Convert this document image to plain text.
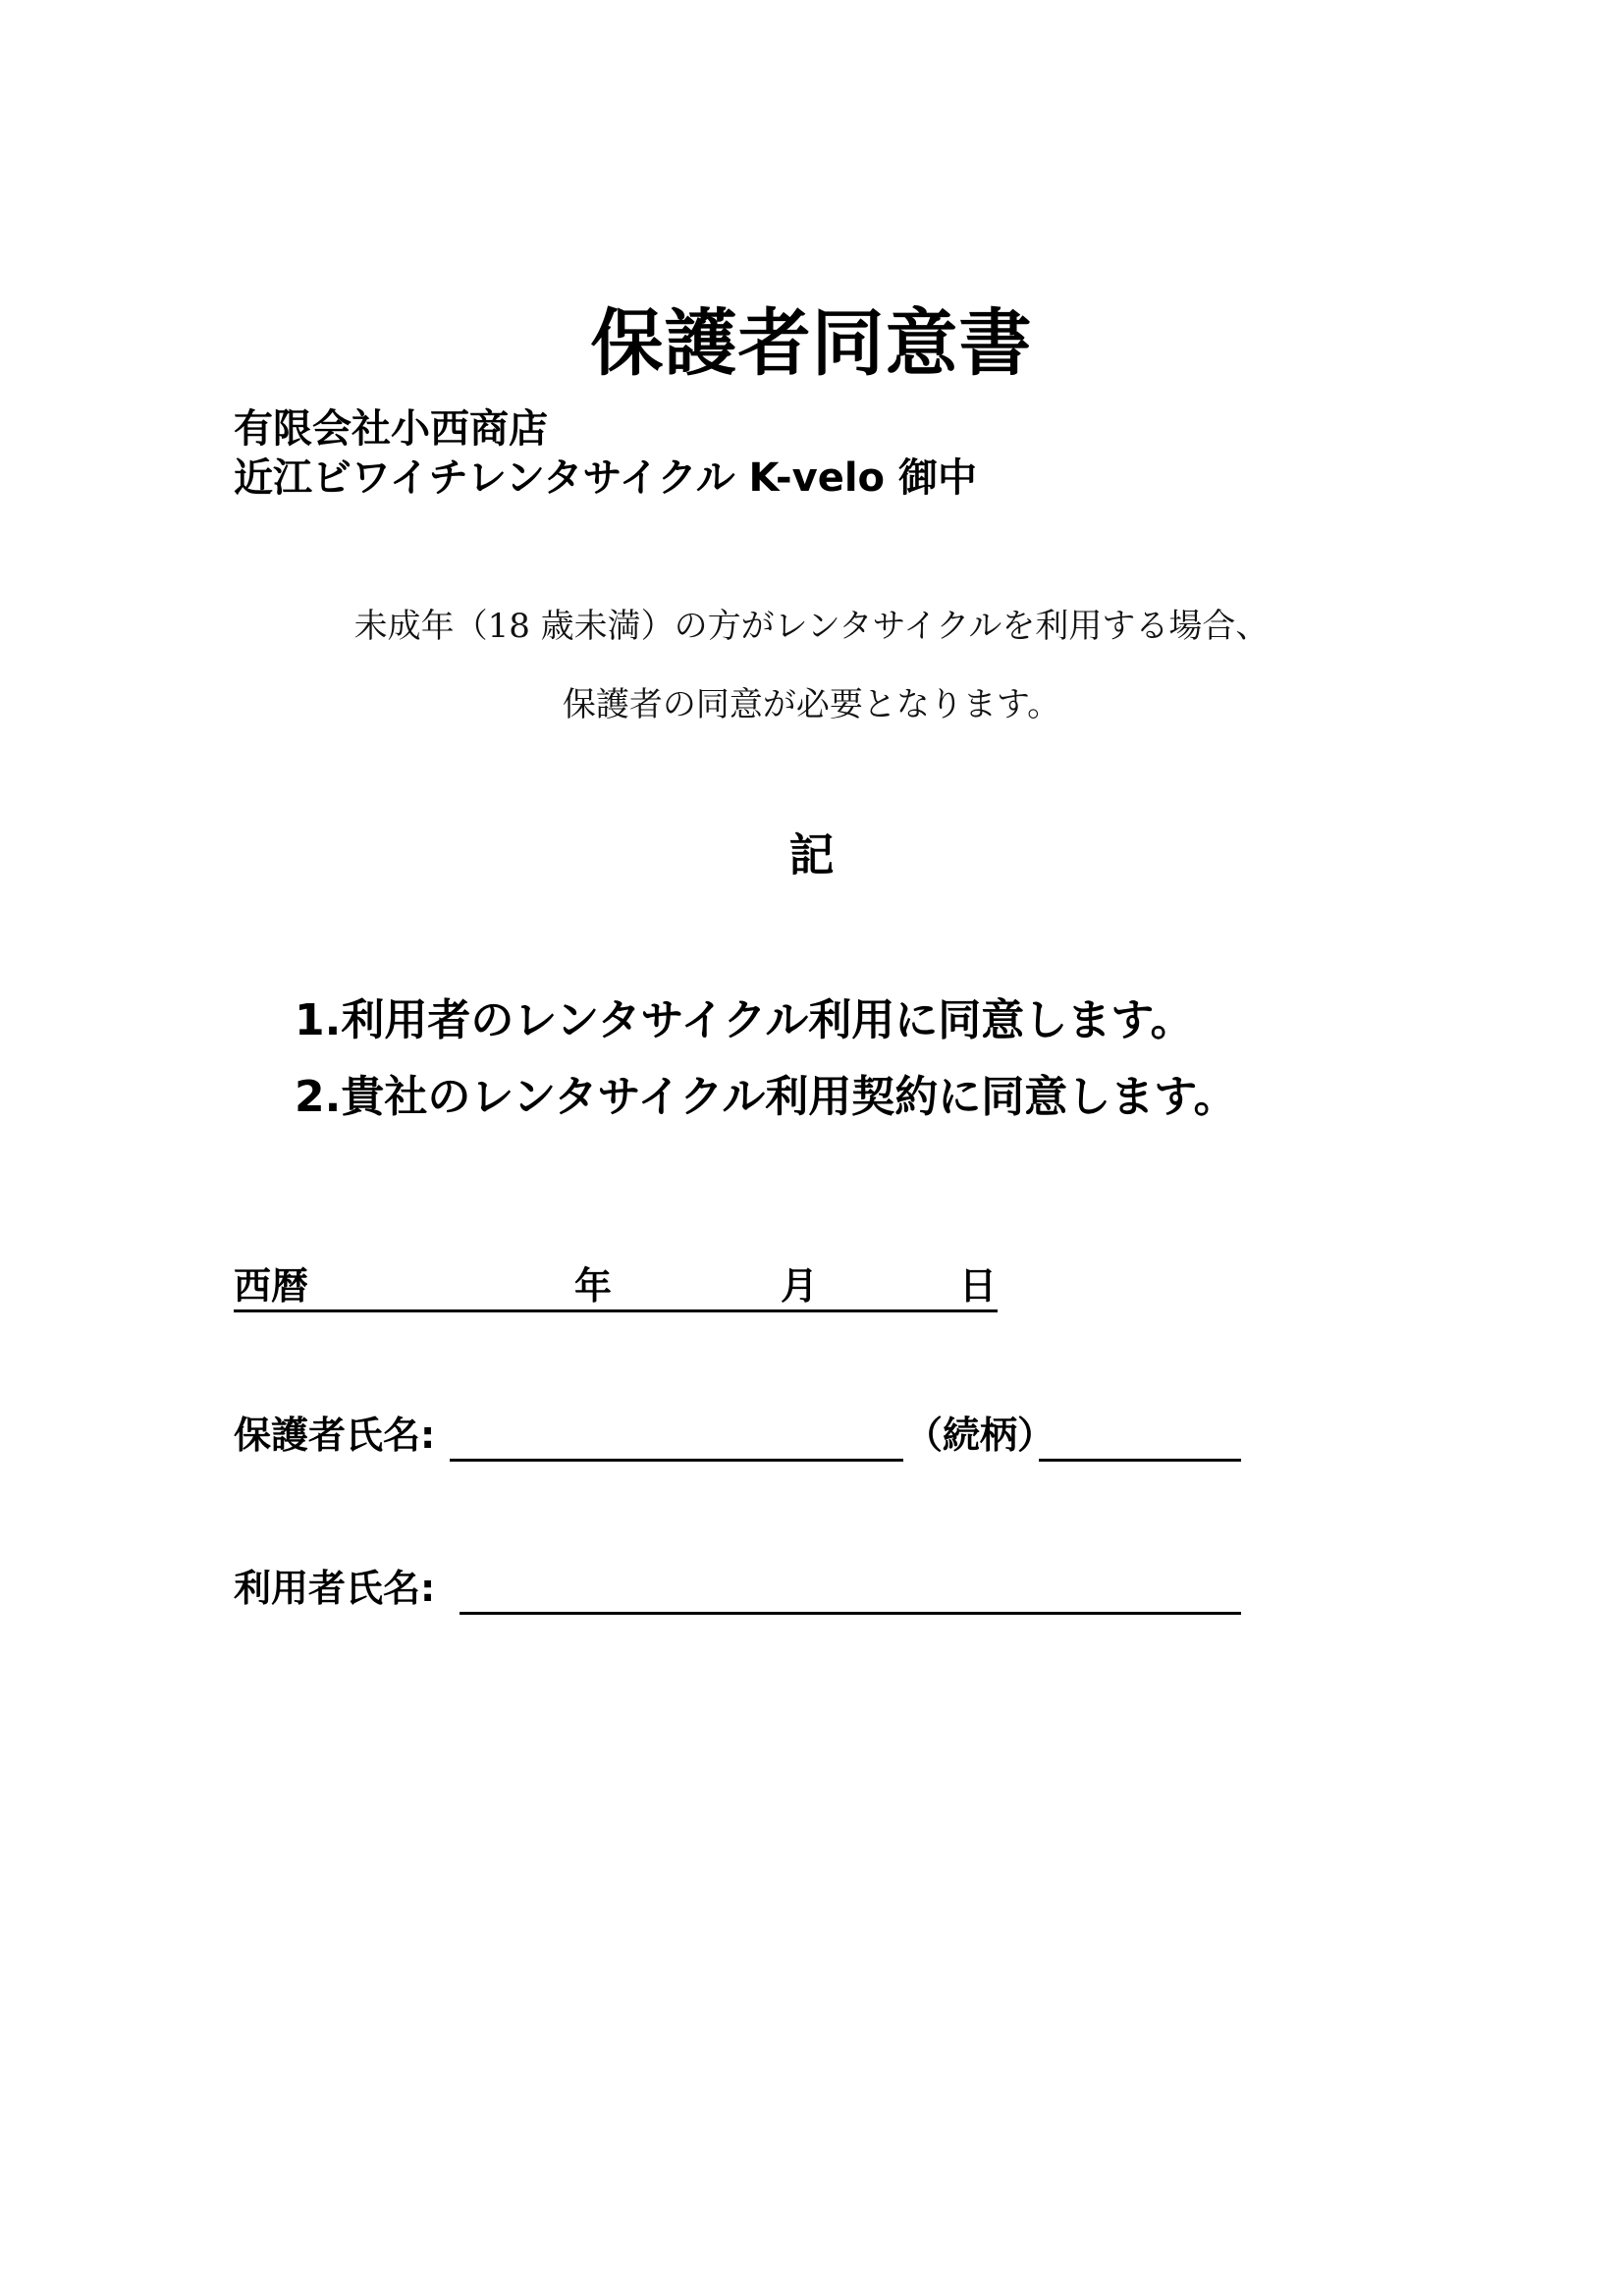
保護者同意書
有限会社小西商店
近江ビワイチレンタサイクル K-velo 御中
未成年（18 歳未満）の方がレンタサイクルを利用する場合、
保護者の同意が必要となります。
記
1.利用者のレンタサイクル利用に同意します。
2.貴社のレンタサイクル利用契約に同意します。
西暦	年	月	日
保護者氏名:	（続柄）
利用者氏名:
